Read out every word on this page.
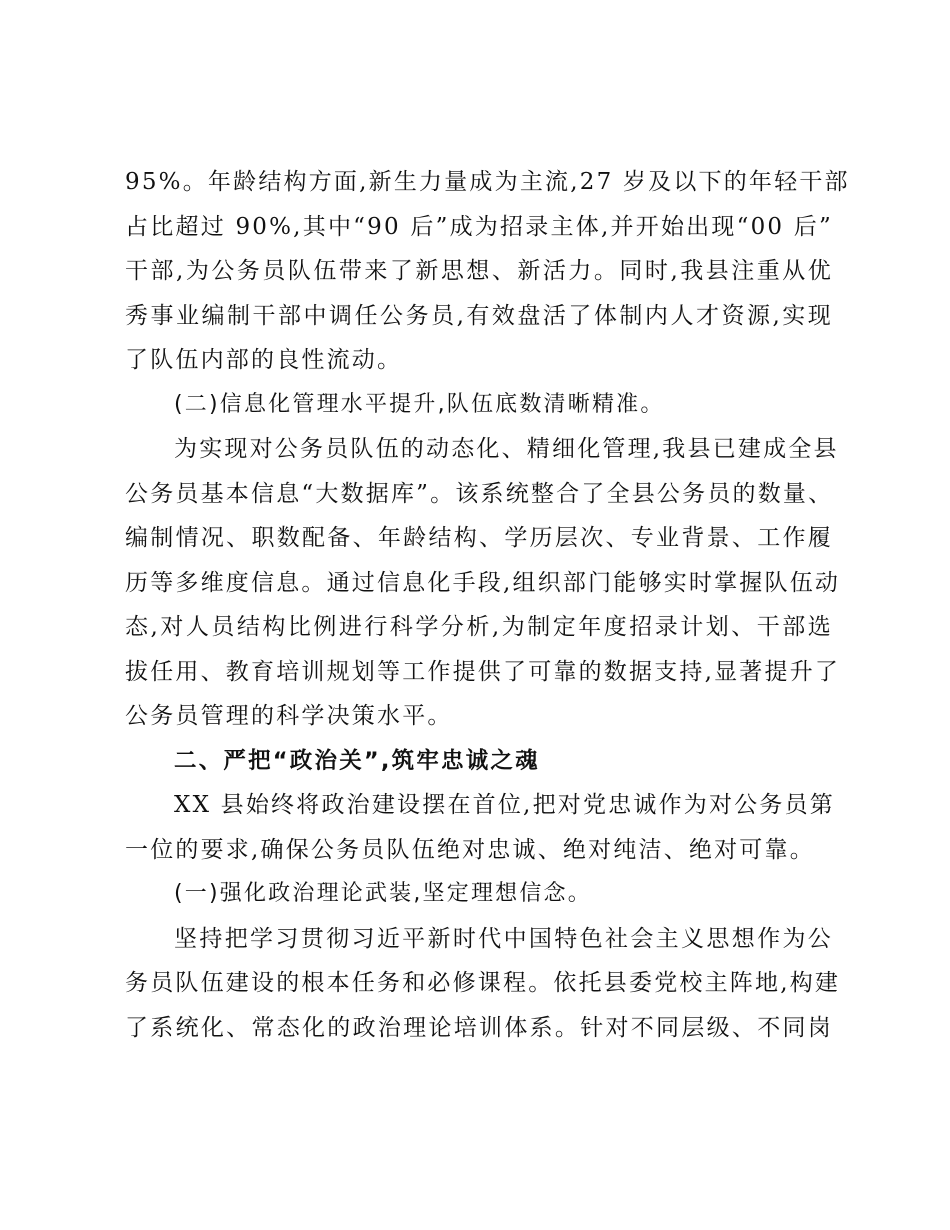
95%。年龄结构方面,新生力量成为主流,27 岁及以下的年轻干部
占比超过 90%,其中“90 后”成为招录主体,并开始出现“00 后”
干部,为公务员队伍带来了新思想、新活力。同时,我县注重从优
秀事业编制干部中调任公务员,有效盘活了体制内人才资源,实现
了队伍内部的良性流动。
(二)信息化管理水平提升,队伍底数清晰精准。
为实现对公务员队伍的动态化、精细化管理,我县已建成全县
公务员基本信息“大数据库”。该系统整合了全县公务员的数量、
编制情况、职数配备、年龄结构、学历层次、专业背景、工作履
历等多维度信息。通过信息化手段,组织部门能够实时掌握队伍动
态,对人员结构比例进行科学分析,为制定年度招录计划、干部选
拔任用、教育培训规划等工作提供了可靠的数据支持,显著提升了
公务员管理的科学决策水平。
二、严把“政治关”,筑牢忠诚之魂
XX 县始终将政治建设摆在首位,把对党忠诚作为对公务员第
一位的要求,确保公务员队伍绝对忠诚、绝对纯洁、绝对可靠。
(一)强化政治理论武装,坚定理想信念。
坚持把学习贯彻习近平新时代中国特色社会主义思想作为公
务员队伍建设的根本任务和必修课程。依托县委党校主阵地,构建
了系统化、常态化的政治理论培训体系。针对不同层级、不同岗
